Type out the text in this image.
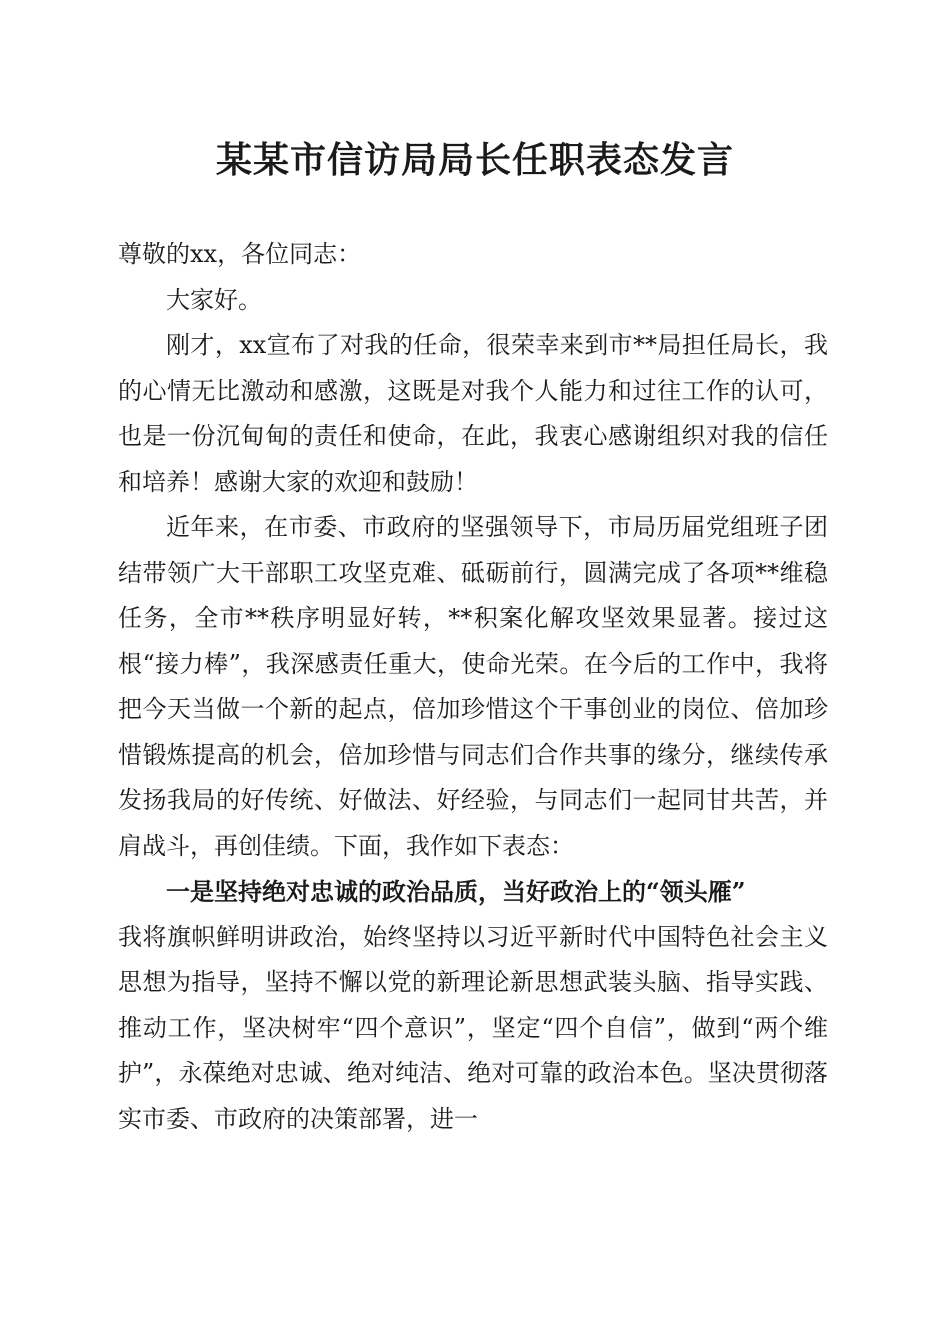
某某市信访局局长任职表态发言

尊敬的xx，各位同志：

大家好。

刚才，xx宣布了对我的任命，很荣幸来到市**局担任局长，我的心情无比激动和感激，这既是对我个人能力和过往工作的认可，也是一份沉甸甸的责任和使命，在此，我衷心感谢组织对我的信任和培养！感谢大家的欢迎和鼓励！

近年来，在市委、市政府的坚强领导下，市局历届党组班子团结带领广大干部职工攻坚克难、砥砺前行，圆满完成了各项**维稳任务，全市**秩序明显好转，**积案化解攻坚效果显著。接过这根“接力棒”，我深感责任重大，使命光荣。在今后的工作中，我将把今天当做一个新的起点，倍加珍惜这个干事创业的岗位、倍加珍惜锻炼提高的机会，倍加珍惜与同志们合作共事的缘分，继续传承发扬我局的好传统、好做法、好经验，与同志们一起同甘共苦，并肩战斗，再创佳绩。下面，我作如下表态：

一是坚持绝对忠诚的政治品质，当好政治上的“领头雁”

我将旗帜鲜明讲政治，始终坚持以习近平新时代中国特色社会主义思想为指导，坚持不懈以党的新理论新思想武装头脑、指导实践、推动工作，坚决树牢“四个意识”，坚定“四个自信”，做到“两个维护”，永葆绝对忠诚、绝对纯洁、绝对可靠的政治本色。坚决贯彻落实市委、市政府的决策部署，进一
